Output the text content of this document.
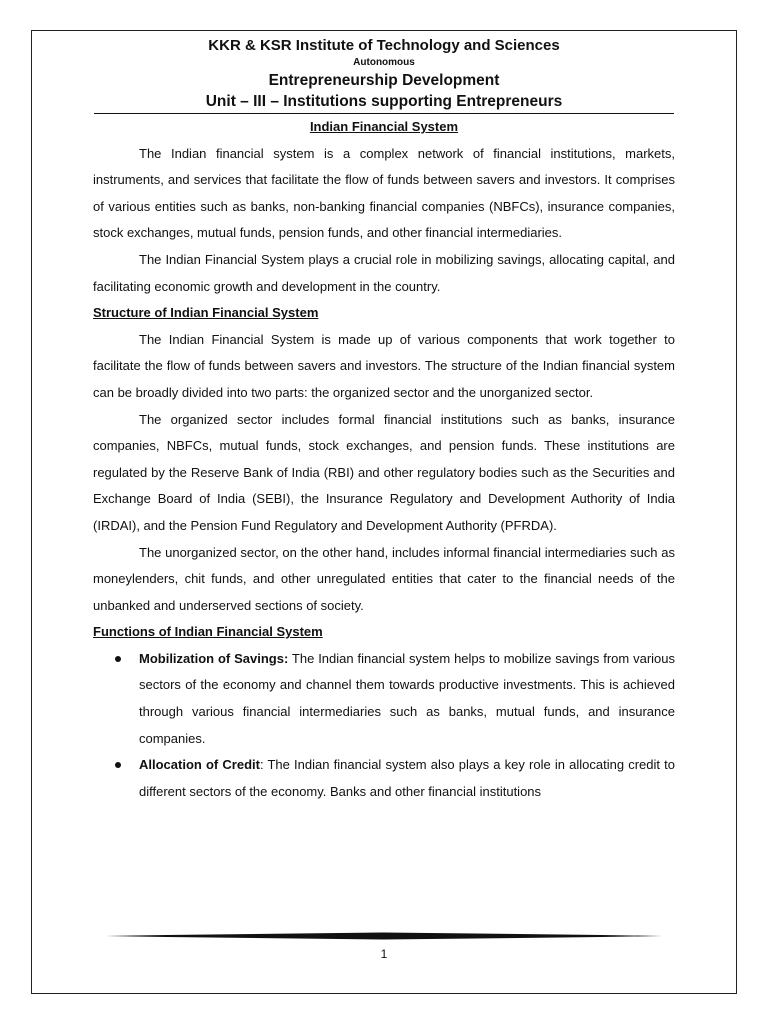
KKR & KSR Institute of Technology and Sciences
Autonomous
Entrepreneurship Development
Unit – III – Institutions supporting Entrepreneurs

Indian Financial System

The Indian financial system is a complex network of financial institutions, markets, instruments, and services that facilitate the flow of funds between savers and investors. It comprises of various entities such as banks, non-banking financial companies (NBFCs), insurance companies, stock exchanges, mutual funds, pension funds, and other financial intermediaries.

The Indian Financial System plays a crucial role in mobilizing savings, allocating capital, and facilitating economic growth and development in the country.

Structure of Indian Financial System

The Indian Financial System is made up of various components that work together to facilitate the flow of funds between savers and investors. The structure of the Indian financial system can be broadly divided into two parts: the organized sector and the unorganized sector.

The organized sector includes formal financial institutions such as banks, insurance companies, NBFCs, mutual funds, stock exchanges, and pension funds. These institutions are regulated by the Reserve Bank of India (RBI) and other regulatory bodies such as the Securities and Exchange Board of India (SEBI), the Insurance Regulatory and Development Authority of India (IRDAI), and the Pension Fund Regulatory and Development Authority (PFRDA).

The unorganized sector, on the other hand, includes informal financial intermediaries such as moneylenders, chit funds, and other unregulated entities that cater to the financial needs of the unbanked and underserved sections of society.

Functions of Indian Financial System

Mobilization of Savings: The Indian financial system helps to mobilize savings from various sectors of the economy and channel them towards productive investments. This is achieved through various financial intermediaries such as banks, mutual funds, and insurance companies.
Allocation of Credit: The Indian financial system also plays a key role in allocating credit to different sectors of the economy. Banks and other financial institutions
1
